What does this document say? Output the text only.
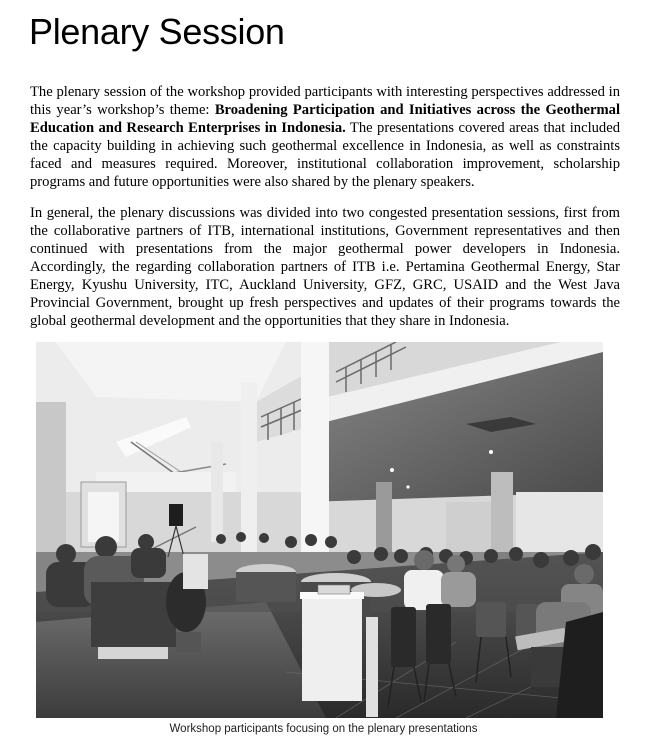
Plenary Session

The plenary session of the workshop provided participants with interesting perspectives addressed in this year’s workshop’s theme: Broadening Participation and Initiatives across the Geothermal Education and Research Enterprises in Indonesia. The presentations covered areas that included the capacity building in achieving such geothermal excellence in Indonesia, as well as constraints faced and measures required. Moreover, institutional collaboration improvement, scholarship programs and future opportunities were also shared by the plenary speakers.

In general, the plenary discussions was divided into two congested presentation sessions, first from the collaborative partners of ITB, international institutions, Government representatives and then continued with presentations from the major geothermal power developers in Indonesia. Accordingly, the regarding collaboration partners of ITB i.e. Pertamina Geothermal Energy, Star Energy, Kyushu University, ITC, Auckland University, GFZ, GRC, USAID and the West Java Provincial Government, brought up fresh perspectives and updates of their programs towards the global geothermal development and the opportunities that they share in Indonesia.

Workshop participants focusing on the plenary presentations
